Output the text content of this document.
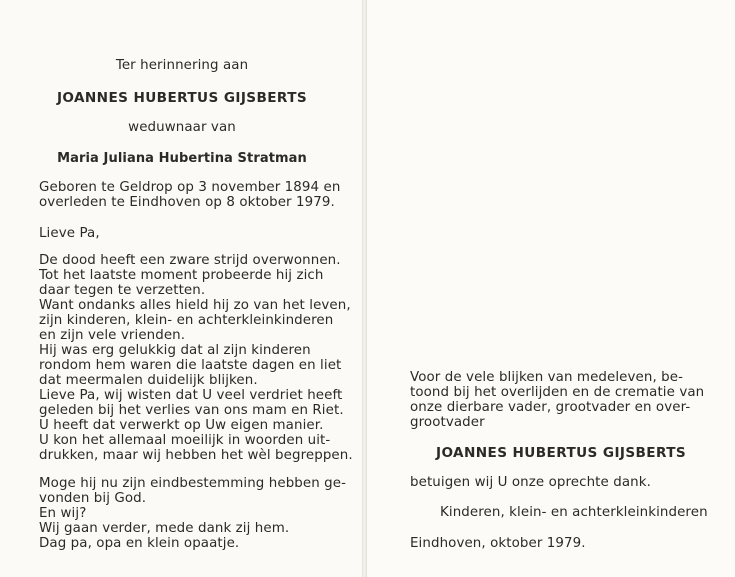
Ter herinnering aan
JOANNES HUBERTUS GIJSBERTS
weduwnaar van
Maria Juliana Hubertina Stratman
Geboren te Geldrop op 3 november 1894 en
overleden te Eindhoven op 8 oktober 1979.
Lieve Pa,
De dood heeft een zware strijd overwonnen.
Tot het laatste moment probeerde hij zich
daar tegen te verzetten.
Want ondanks alles hield hij zo van het leven,
zijn kinderen, klein- en achterkleinkinderen
en zijn vele vrienden.
Hij was erg gelukkig dat al zijn kinderen
rondom hem waren die laatste dagen en liet
dat meermalen duidelijk blijken.
Lieve Pa, wij wisten dat U veel verdriet heeft
geleden bij het verlies van ons mam en Riet.
U heeft dat verwerkt op Uw eigen manier.
U kon het allemaal moeilijk in woorden uit-
drukken, maar wij hebben het wèl begreppen.
Moge hij nu zijn eindbestemming hebben ge-
vonden bij God.
En wij?
Wij gaan verder, mede dank zij hem.
Dag pa, opa en klein opaatje.
Voor de vele blijken van medeleven, be-
toond bij het overlijden en de crematie van
onze dierbare vader, grootvader en over-
grootvader
JOANNES HUBERTUS GIJSBERTS
betuigen wij U onze oprechte dank.
Kinderen, klein- en achterkleinkinderen
Eindhoven, oktober 1979.
